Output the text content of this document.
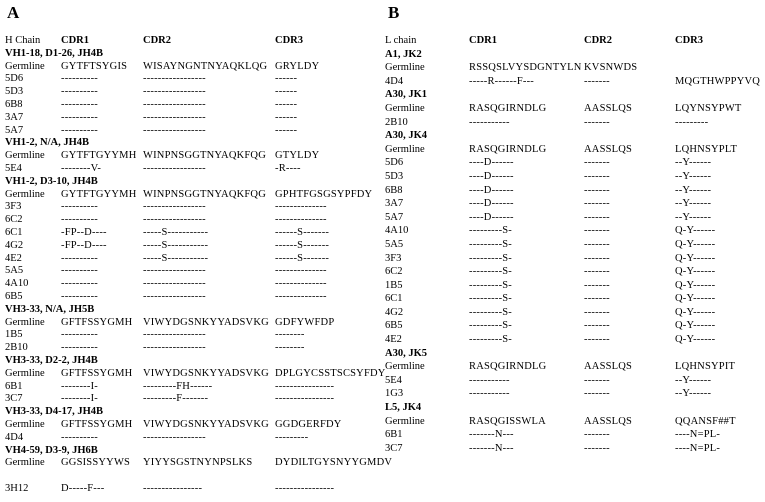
A	B
H Chain CDR1	CDR2	CDR3
VH1-18, D1-26, JH4B
Germline GYTFTSYGIS WISAYNGNTNYAQKLQG GRYLDY
5D6	----------	-----------------	------
5D3	----------	-----------------	------
6B8	----------	-----------------	------
3A7	----------	-----------------	------
5A7	----------	-----------------	------
VH1-2, N/A, JH4B
Germline GYTFTGYYMH WINPNSGGTNYAQKFQG GTYLDY
5E4	--------V-	-----------------	-R----
VH1-2, D3-10, JH4B
Germline GYTFTGYYMH WINPNSGGTNYAQKFQG GPHTFGSGSYPFDY
3F3	----------	-----------------	--------------
6C2	----------	-----------------	--------------
6C1	-FP--D----	-----S-----------	------S-------
4G2	-FP--D----	-----S-----------	------S-------
4E2	----------	-----S-----------	------S-------
5A5	----------	-----------------	--------------
4A10	----------	-----------------	--------------
6B5	----------	-----------------	--------------
VH3-33, N/A, JH5B
Germline GFTFSSYGMH VIWYDGSNKYYADSVKG GDFYWFDP
1B5	----------	-----------------	--------
2B10	----------	-----------------	--------
VH3-33, D2-2, JH4B
Germline GFTFSSYGMH VIWYDGSNKYYADSVKG DPLGYCSSTSCSYFDY
6B1	--------I-	---------FH------	----------------
3C7	--------I-	---------F-------	----------------
VH3-33, D4-17, JH4B
Germline GFTFSSYGMH VIWYDGSNKYYADSVKG GGDGERFDY
4D4	----------	-----------------	---------
VH4-59, D3-9, JH6B
Germline GGSISSYYWS YIYYSGSTNYNPSLKS DYDILTGYSNYYGMDV
3H12	D-----F---	----------------	----------------
L chain	CDR1	CDR2	CDR3
A1, JK2
Germline	RSSQSLVYSDGNTYLN KVSNWDS
4D4	-----R------F---	-------	MQGTHWPPYVQ
A30, JK1
Germline	RASQGIRNDLG	AASSLQS	LQYNSYPWT
2B10	-----------	-------	---------
A30, JK4
Germline	RASQGIRNDLG	AASSLQS	LQHNSYPLT
5D6	----D------	-------	--Y------
5D3	----D------	-------	--Y------
6B8	----D------	-------	--Y------
3A7	----D------	-------	--Y------
5A7	----D------	-------	--Y------
4A10	---------S-	-------	Q-Y------
5A5	---------S-	-------	Q-Y------
3F3	---------S-	-------	Q-Y------
6C2	---------S-	-------	Q-Y------
1B5	---------S-	-------	Q-Y------
6C1	---------S-	-------	Q-Y------
4G2	---------S-	-------	Q-Y------
6B5	---------S-	-------	Q-Y------
4E2	---------S-	-------	Q-Y------
A30, JK5
Germline	RASQGIRNDLG	AASSLQS	LQHNSYPIT
5E4	-----------	-------	--Y------
1G3	-----------	-------	--Y------
L5, JK4
Germline	RASQGISSWLA	AASSLQS	QQANSF##T
6B1	-------N---	-------	----N=PL-
3C7	-------N---	-------	----N=PL-
